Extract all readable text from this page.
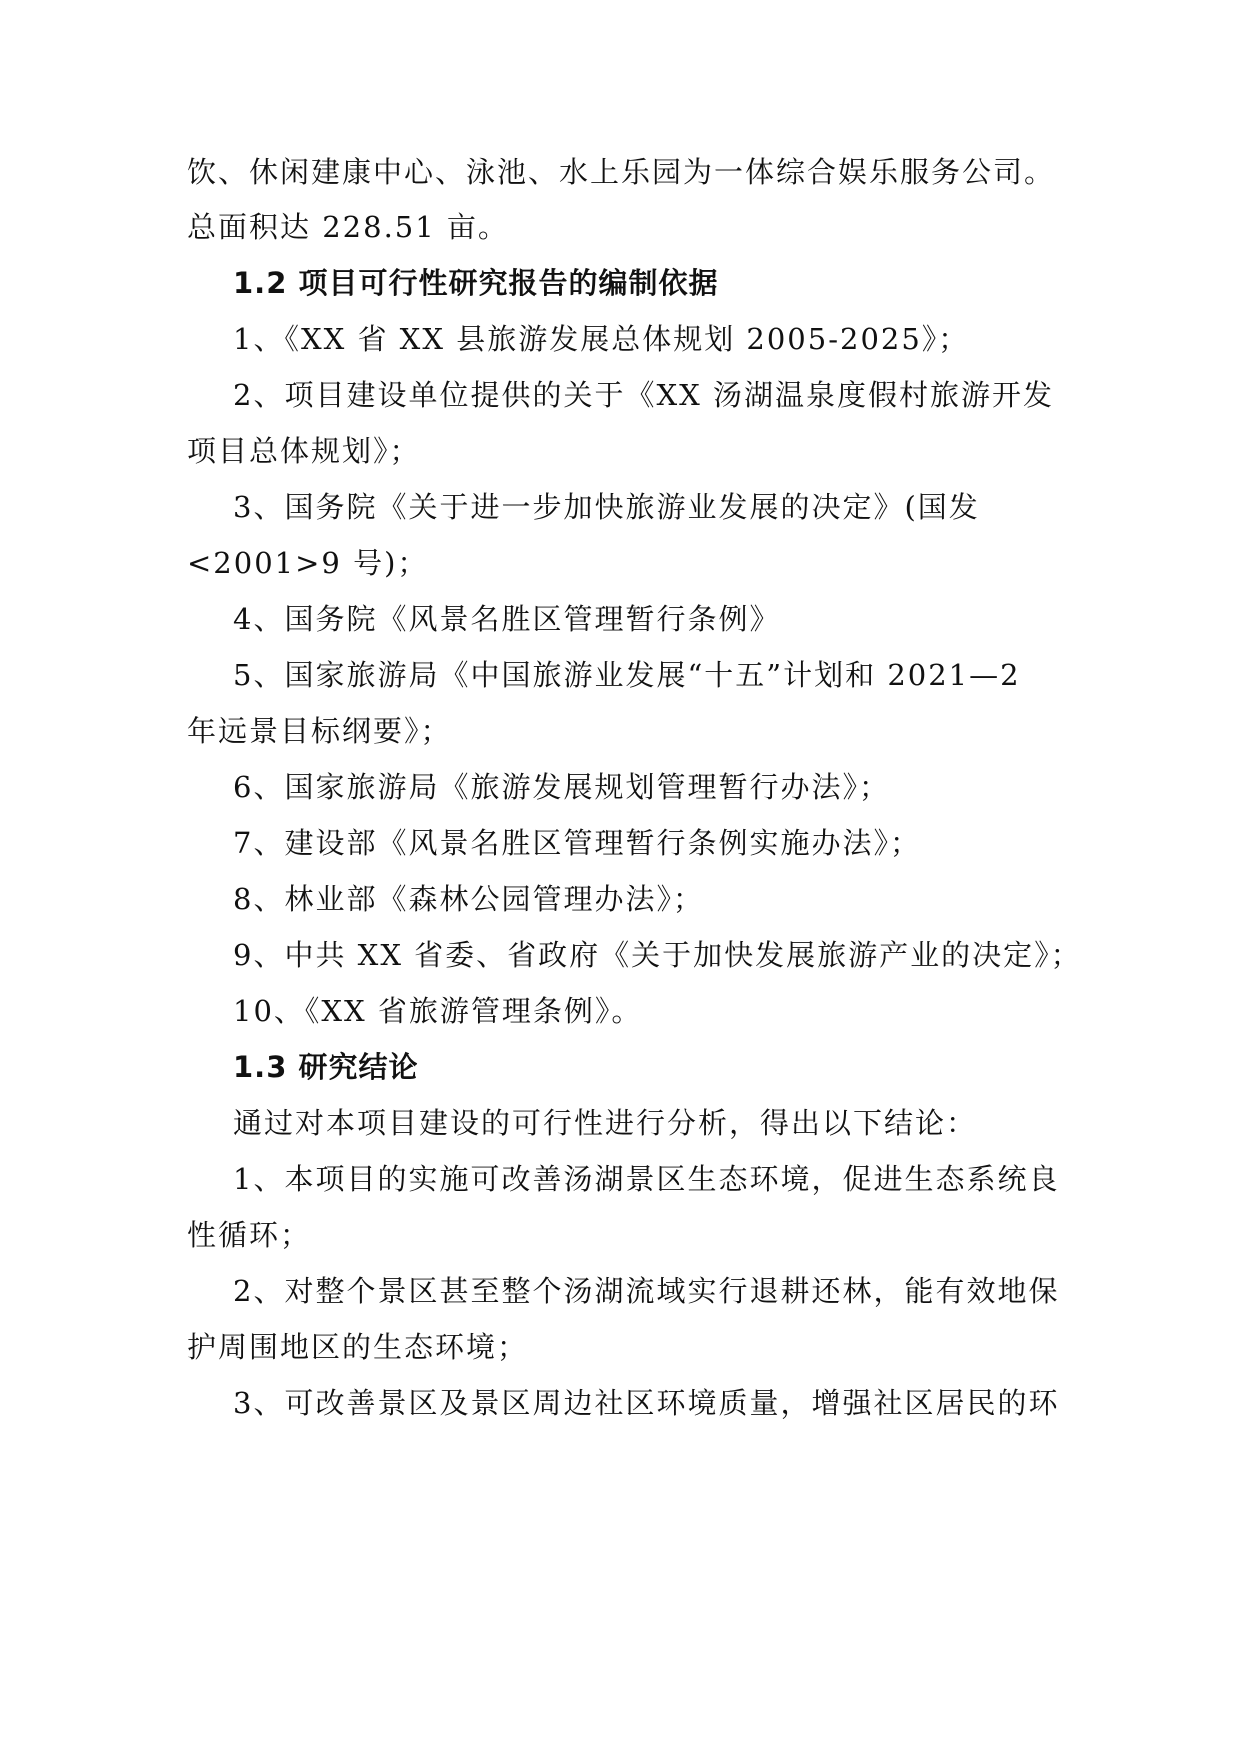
饮、休闲建康中心、泳池、水上乐园为一体综合娱乐服务公司。
总面积达 228.51 亩。
1.2 项目可行性研究报告的编制依据
1、《XX 省 XX 县旅游发展总体规划 2005-2025》；
2、项目建设单位提供的关于《XX 汤湖温泉度假村旅游开发
项目总体规划》；
3、国务院《关于进一步加快旅游业发展的决定》(国发
<2001>9 号)；
4、国务院《风景名胜区管理暂行条例》
5、国家旅游局《中国旅游业发展“十五”计划和 2021—2
年远景目标纲要》；
6、国家旅游局《旅游发展规划管理暂行办法》；
7、建设部《风景名胜区管理暂行条例实施办法》；
8、林业部《森林公园管理办法》；
9、中共 XX 省委、省政府《关于加快发展旅游产业的决定》；
10、《XX 省旅游管理条例》。
1.3 研究结论
通过对本项目建设的可行性进行分析，得出以下结论：
1、本项目的实施可改善汤湖景区生态环境，促进生态系统良
性循环；
2、对整个景区甚至整个汤湖流域实行退耕还林，能有效地保
护周围地区的生态环境；
3、可改善景区及景区周边社区环境质量，增强社区居民的环
